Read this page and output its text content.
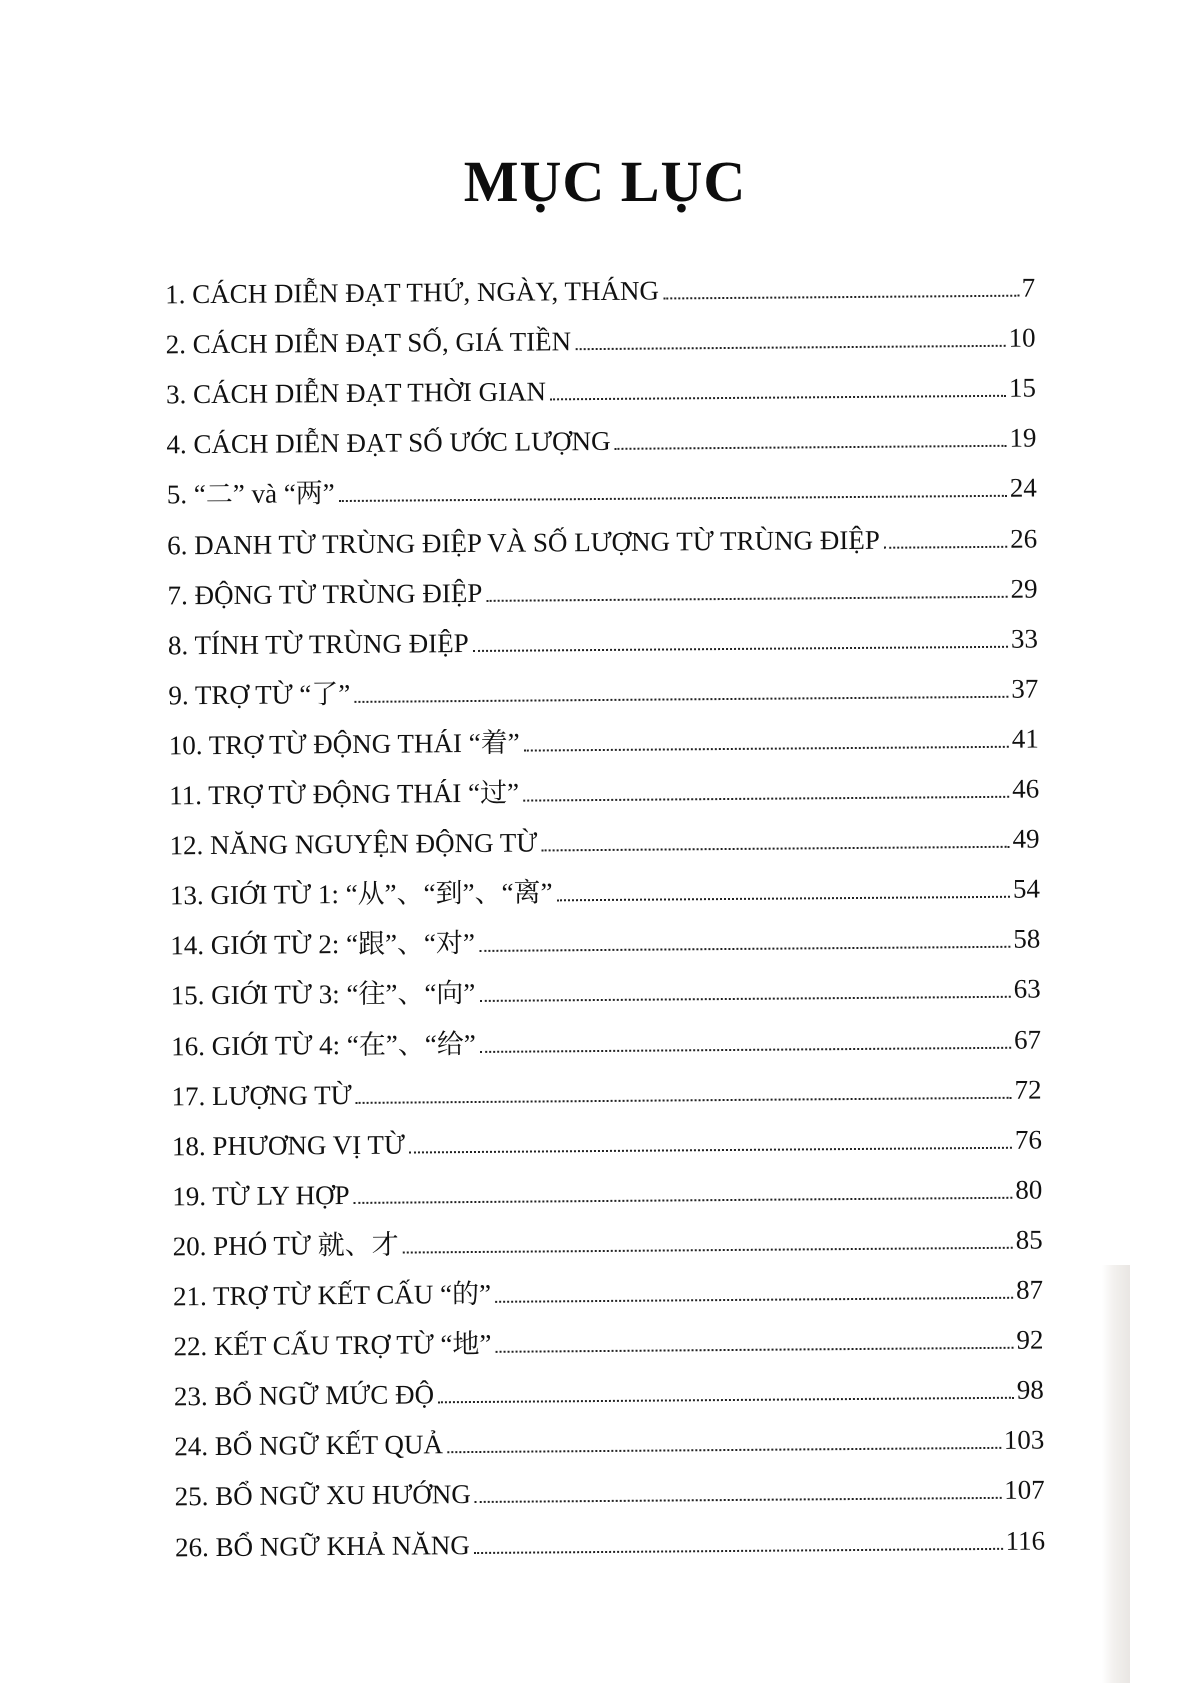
MỤC LỤC
1. CÁCH DIỄN ĐẠT THỨ, NGÀY, THÁNG	7
2. CÁCH DIỄN ĐẠT SỐ, GIÁ TIỀN	10
3. CÁCH DIỄN ĐẠT THỜI GIAN	15
4. CÁCH DIỄN ĐẠT SỐ ƯỚC LƯỢNG	19
5. “二” và “两”	24
6. DANH TỪ TRÙNG ĐIỆP VÀ SỐ LƯỢNG TỪ TRÙNG ĐIỆP	26
7. ĐỘNG TỪ TRÙNG ĐIỆP	29
8. TÍNH TỪ TRÙNG ĐIỆP	33
9. TRỢ TỪ “了”	37
10. TRỢ TỪ ĐỘNG THÁI “着”	41
11. TRỢ TỪ ĐỘNG THÁI “过”	46
12. NĂNG NGUYỆN ĐỘNG TỪ	49
13. GIỚI TỪ 1: “从”、“到”、“离”	54
14. GIỚI TỪ 2: “跟”、“对”	58
15. GIỚI TỪ 3: “往”、“向”	63
16. GIỚI TỪ 4: “在”、“给”	67
17. LƯỢNG TỪ	72
18. PHƯƠNG VỊ TỪ	76
19. TỪ LY HỢP	80
20. PHÓ TỪ 就、才	85
21. TRỢ TỪ KẾT CẤU “的”	87
22. KẾT CẤU TRỢ TỪ “地”	92
23. BỔ NGỮ MỨC ĐỘ	98
24. BỔ NGỮ KẾT QUẢ	103
25. BỔ NGỮ XU HƯỚNG	107
26. BỔ NGỮ KHẢ NĂNG	116
